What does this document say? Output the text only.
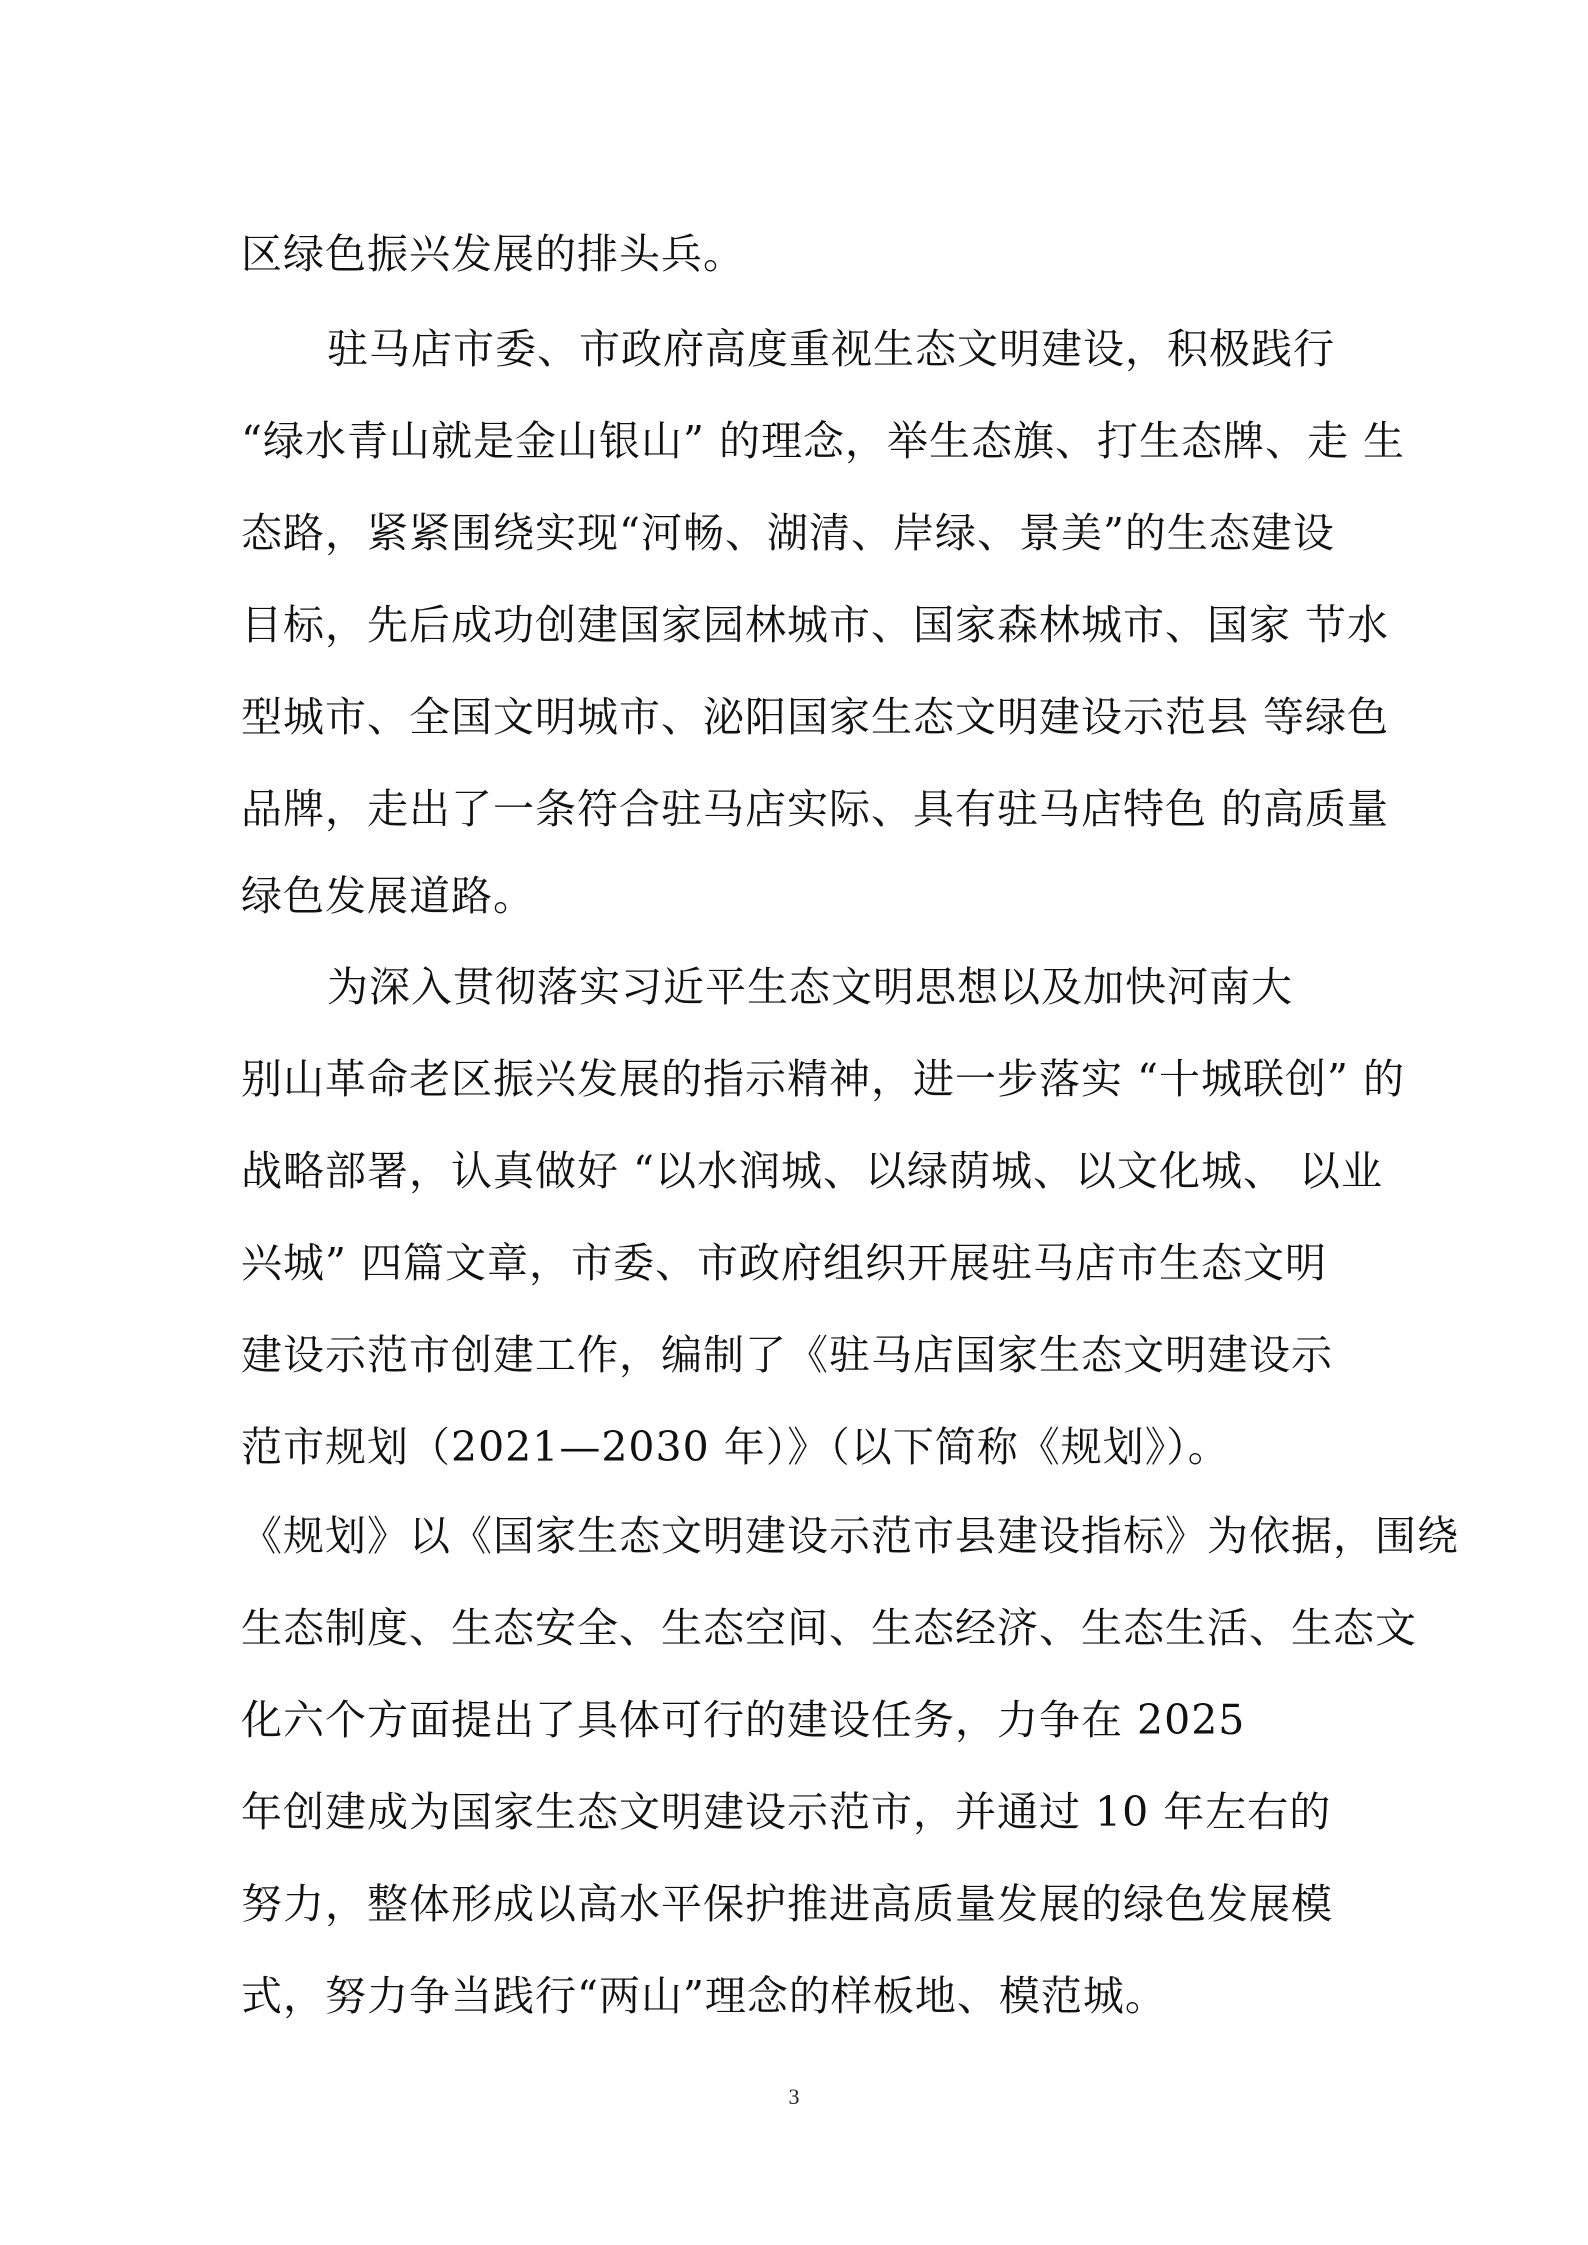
区绿色振兴发展的排头兵。
驻马店市委、市政府高度重视生态文明建设，积极践行
“绿水青山就是金山银山” 的理念，举生态旗、打生态牌、走 生
态路，紧紧围绕实现“河畅、湖清、岸绿、景美”的生态建设
目标，先后成功创建国家园林城市、国家森林城市、国家 节水
型城市、全国文明城市、泌阳国家生态文明建设示范县 等绿色
品牌，走出了一条符合驻马店实际、具有驻马店特色 的高质量
绿色发展道路。
为深入贯彻落实习近平生态文明思想以及加快河南大
别山革命老区振兴发展的指示精神，进一步落实 “十城联创” 的
战略部署，认真做好 “以水润城、以绿荫城、以文化城、 以业
兴城” 四篇文章，市委、市政府组织开展驻马店市生态文明
建设示范市创建工作，编制了《驻马店国家生态文明建设示
范市规划（2021—2030 年）》（以下简称《规划》）。
《规划》以《国家生态文明建设示范市县建设指标》为依据，围绕
生态制度、生态安全、生态空间、生态经济、生态生活、生态文
化六个方面提出了具体可行的建设任务，力争在 2025
年创建成为国家生态文明建设示范市，并通过 10 年左右的
努力，整体形成以高水平保护推进高质量发展的绿色发展模
式，努力争当践行“两山”理念的样板地、模范城。
3
